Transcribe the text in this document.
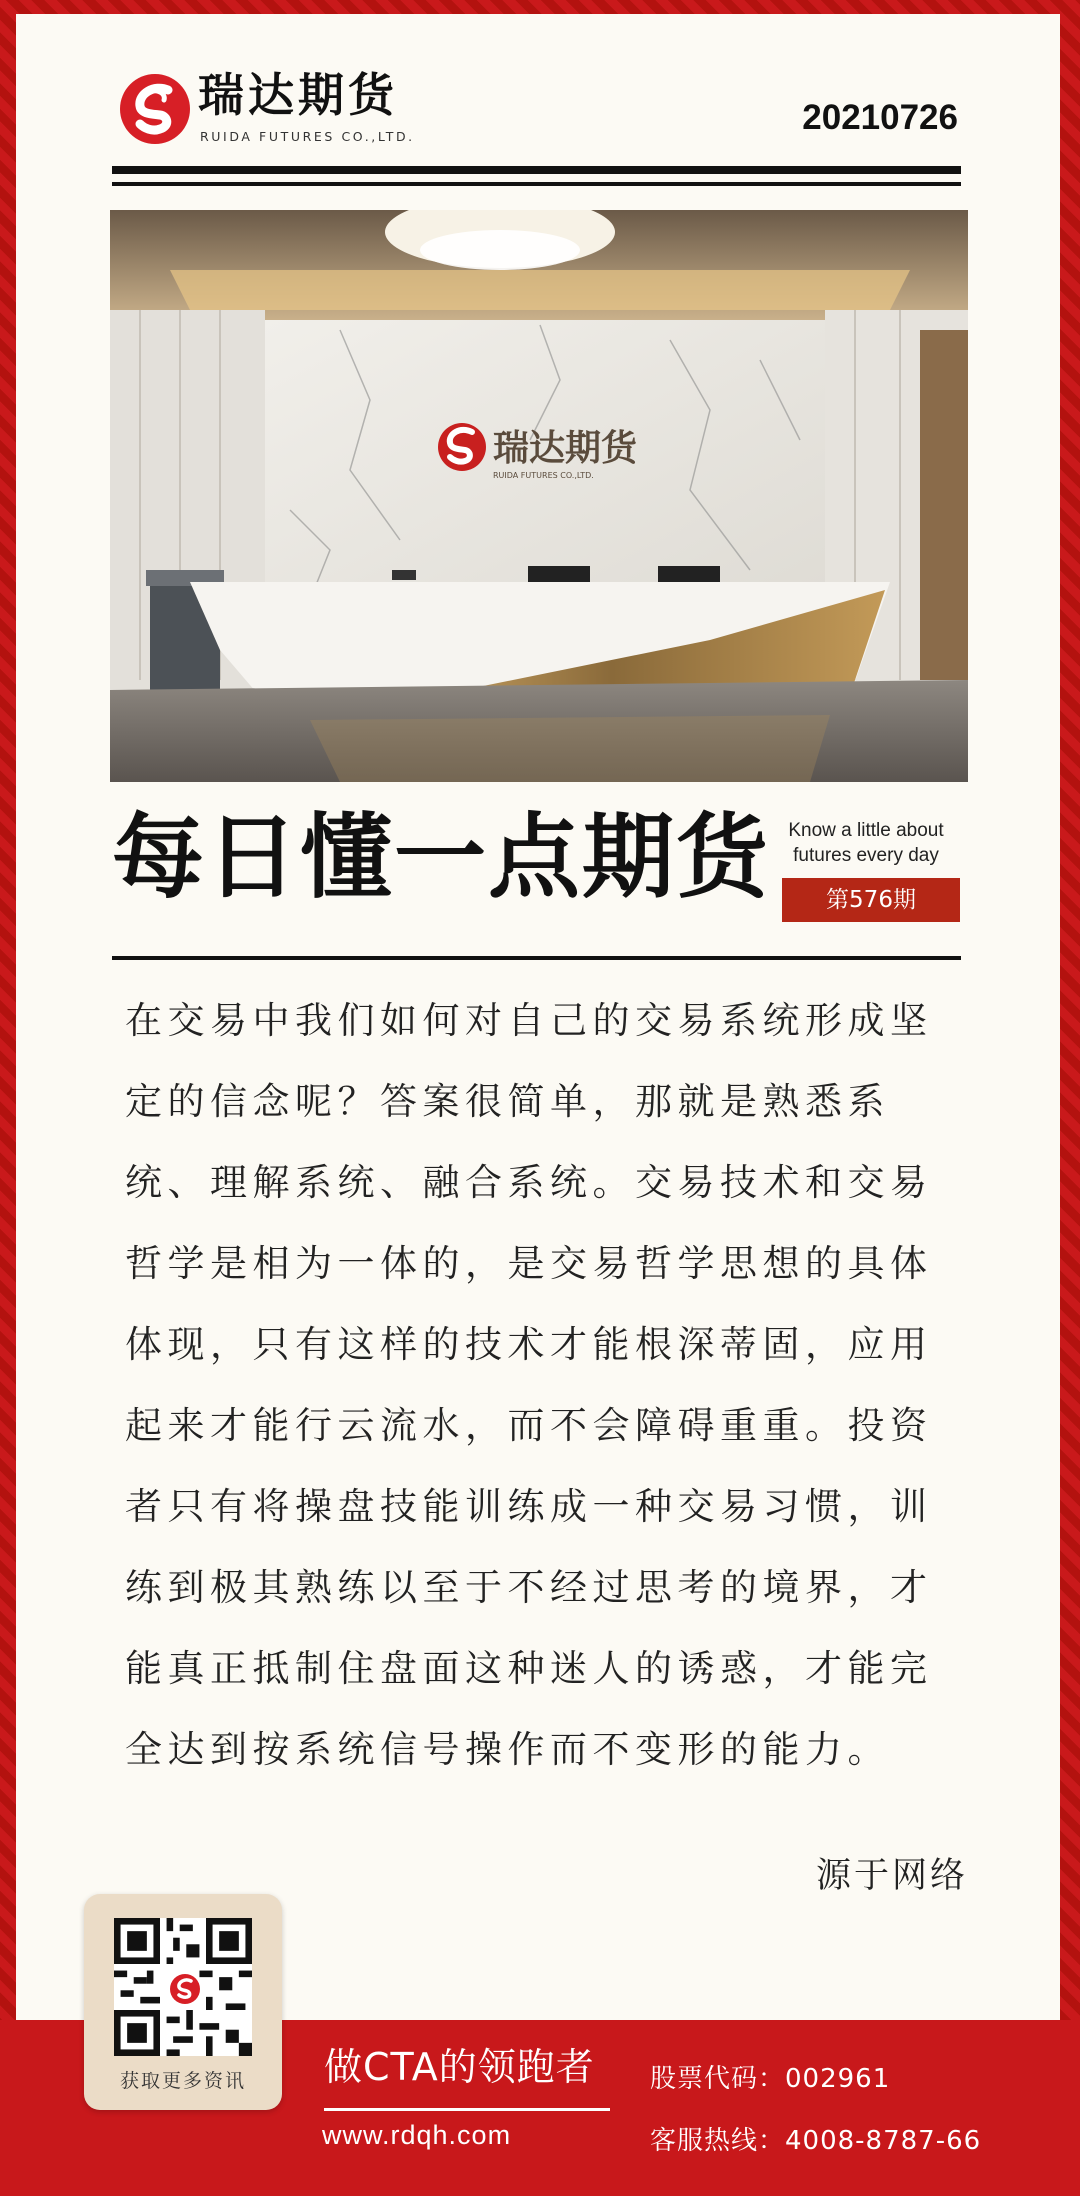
瑞达期货
RUIDA FUTURES CO.,LTD.	20210726
瑞达期货
RUIDA FUTURES CO.,LTD.
每日懂一点期货 Know a little about
futures every day
第576期
在交易中我们如何对自己的交易系统形成坚定的信念呢？答案很简单，那就是熟悉系统、理解系统、融合系统。交易技术和交易哲学是相为一体的，是交易哲学思想的具体体现，只有这样的技术才能根深蒂固，应用起来才能行云流水，而不会障碍重重。投资者只有将操盘技能训练成一种交易习惯，训练到极其熟练以至于不经过思考的境界，才能真正抵制住盘面这种迷人的诱惑，才能完全达到按系统信号操作而不变形的能力。
源于网络
获取更多资讯	做CTA的领跑者
www.rdqh.com
股票代码：002961
客服热线：4008-8787-66
